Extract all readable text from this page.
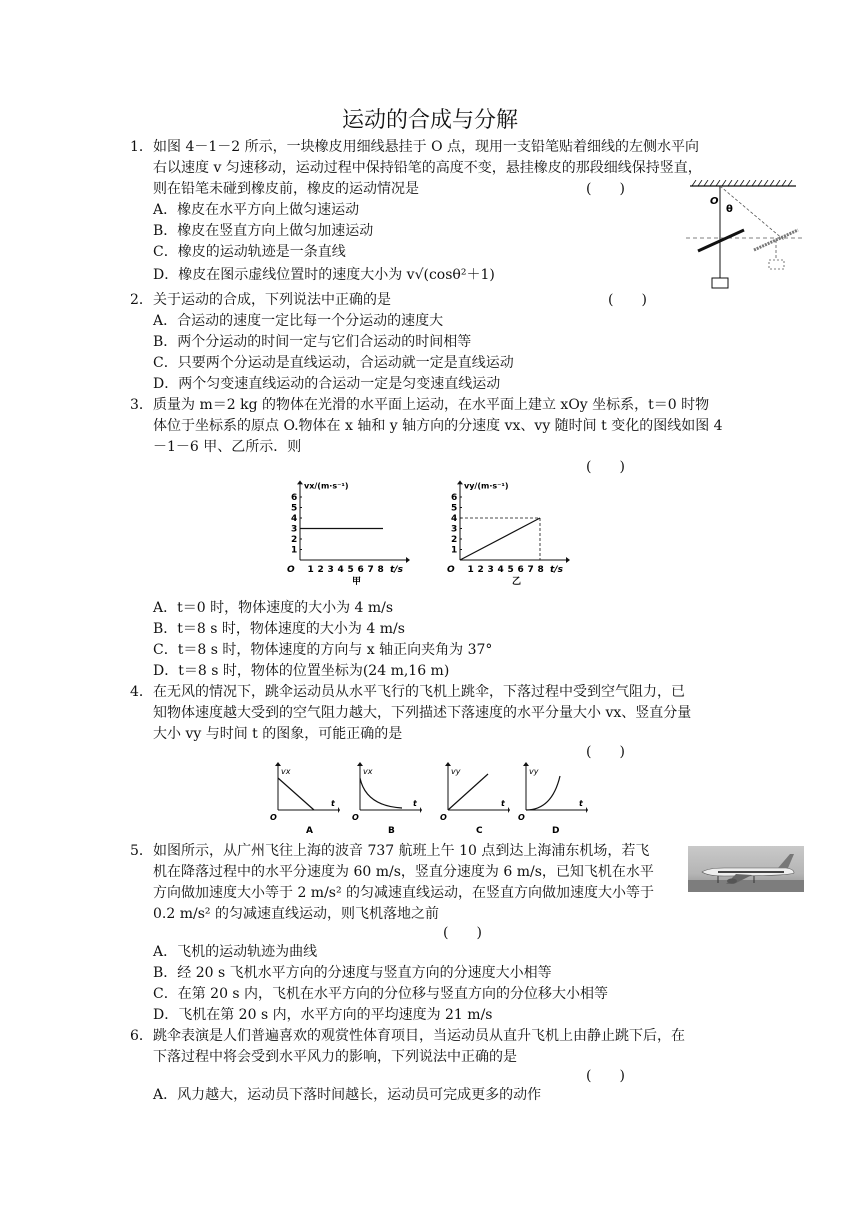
运动的合成与分解
1． 如图 4－1－2 所示，一块橡皮用细线悬挂于 O 点，现用一支铅笔贴着细线的左侧水平向
右以速度 v 匀速移动，运动过程中保持铅笔的高度不变，悬挂橡皮的那段细线保持竖直，
则在铅笔未碰到橡皮前，橡皮的运动情况是	(　　)
A．橡皮在水平方向上做匀速运动
B．橡皮在竖直方向上做匀加速运动
C．橡皮的运动轨迹是一条直线
D．橡皮在图示虚线位置时的速度大小为 v√(cosθ²＋1)
O
θ
2． 关于运动的合成，下列说法中正确的是	(　　)
A．合运动的速度一定比每一个分运动的速度大
B．两个分运动的时间一定与它们合运动的时间相等
C．只要两个分运动是直线运动，合运动就一定是直线运动
D．两个匀变速直线运动的合运动一定是匀变速直线运动
3． 质量为 m＝2 kg 的物体在光滑的水平面上运动，在水平面上建立 xOy 坐标系，t＝0 时物
体位于坐标系的原点 O.物体在 x 轴和 y 轴方向的分速度 vx、vy 随时间 t 变化的图线如图 4
－1－6 甲、乙所示．则
(　　)
1 2 3 4 5 6 7 8
1
2
3
4
5
6
O
vx/(m·s⁻¹)
t/s
甲
1 2 3 4 5 6 7 8
1
2
3
4
5
6
O
vy/(m·s⁻¹)
t/s
乙
A．t＝0 时，物体速度的大小为 4 m/s
B．t＝8 s 时，物体速度的大小为 4 m/s
C．t＝8 s 时，物体速度的方向与 x 轴正向夹角为 37°
D．t＝8 s 时，物体的位置坐标为(24 m,16 m)
4． 在无风的情况下，跳伞运动员从水平飞行的飞机上跳伞，下落过程中受到空气阻力，已
知物体速度越大受到的空气阻力越大，下列描述下落速度的水平分量大小 vx、竖直分量
大小 vy 与时间 t 的图象，可能正确的是
(　　)
vx
O
t
A
vx
O
t
B
vy
O
t
C
vy
O
t
D
5． 如图所示，从广州飞往上海的波音 737 航班上午 10 点到达上海浦东机场，若飞
机在降落过程中的水平分速度为 60 m/s，竖直分速度为 6 m/s，已知飞机在水平
方向做加速度大小等于 2 m/s² 的匀减速直线运动，在竖直方向做加速度大小等于
0.2 m/s² 的匀减速直线运动，则飞机落地之前
(　　)
A．飞机的运动轨迹为曲线
B．经 20 s 飞机水平方向的分速度与竖直方向的分速度大小相等
C．在第 20 s 内，飞机在水平方向的分位移与竖直方向的分位移大小相等
D．飞机在第 20 s 内，水平方向的平均速度为 21 m/s
6． 跳伞表演是人们普遍喜欢的观赏性体育项目，当运动员从直升飞机上由静止跳下后，在
下落过程中将会受到水平风力的影响，下列说法中正确的是
(　　)
A．风力越大，运动员下落时间越长，运动员可完成更多的动作
